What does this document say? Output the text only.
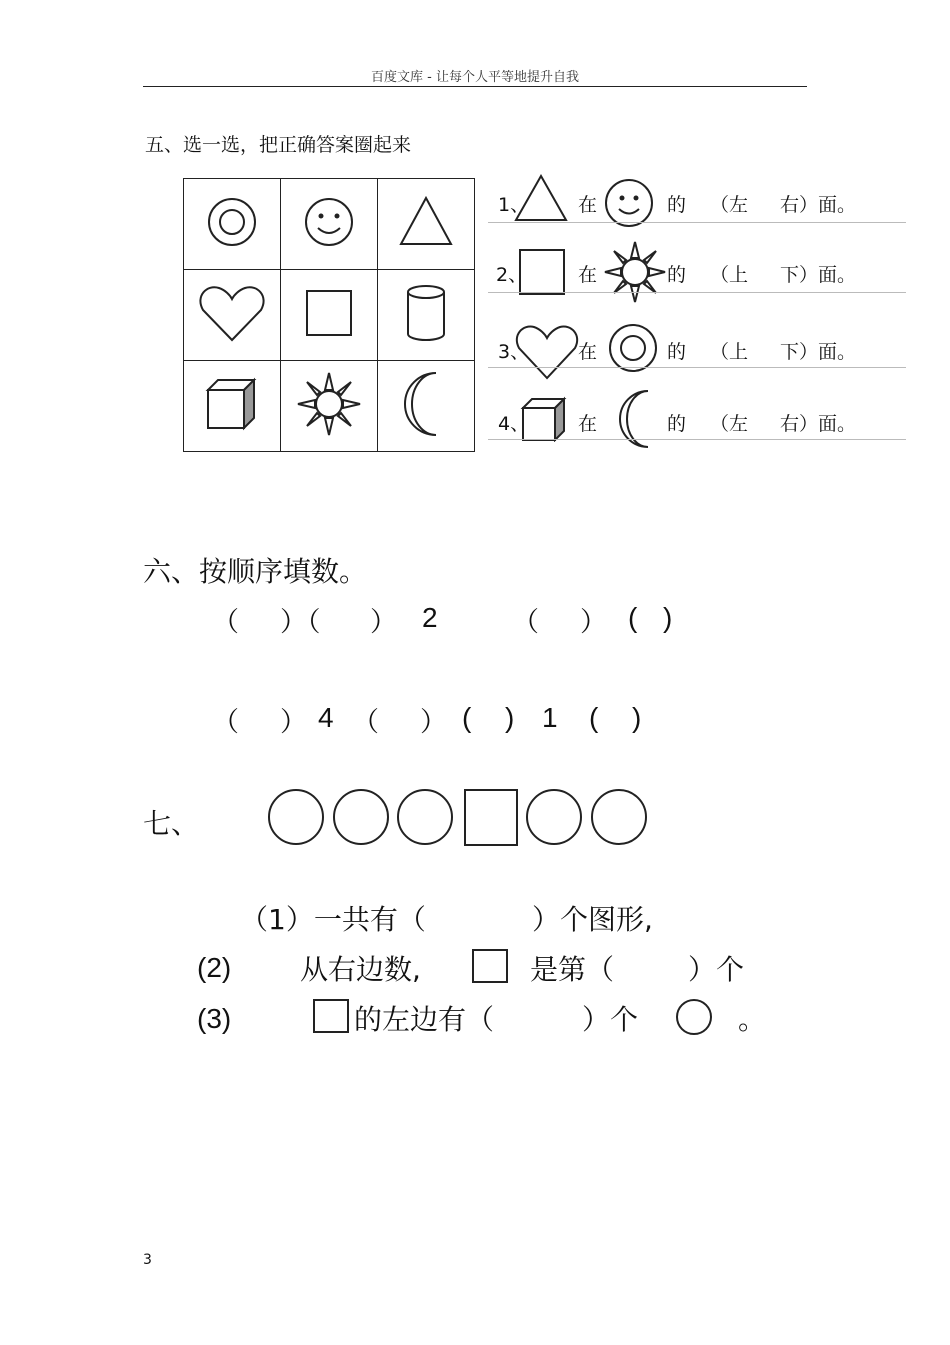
百度文库 - 让每个人平等地提升自我
五、选一选，把正确答案圈起来

1、	在	的 （左 右）面。
2、	在	的 （上 下）面。
3、	在	的 （上 下）面。
4、	在	的 （左 右）面。
六、按顺序填数。
（ ）（ ） 2	（ ） ( )
（ ） 4 （ ） ( ) 1 ( )
七、
（1）一共有（	）个图形,
(2) 从右边数,	是第（	）个
(3)	的左边有（	）个	。
3
